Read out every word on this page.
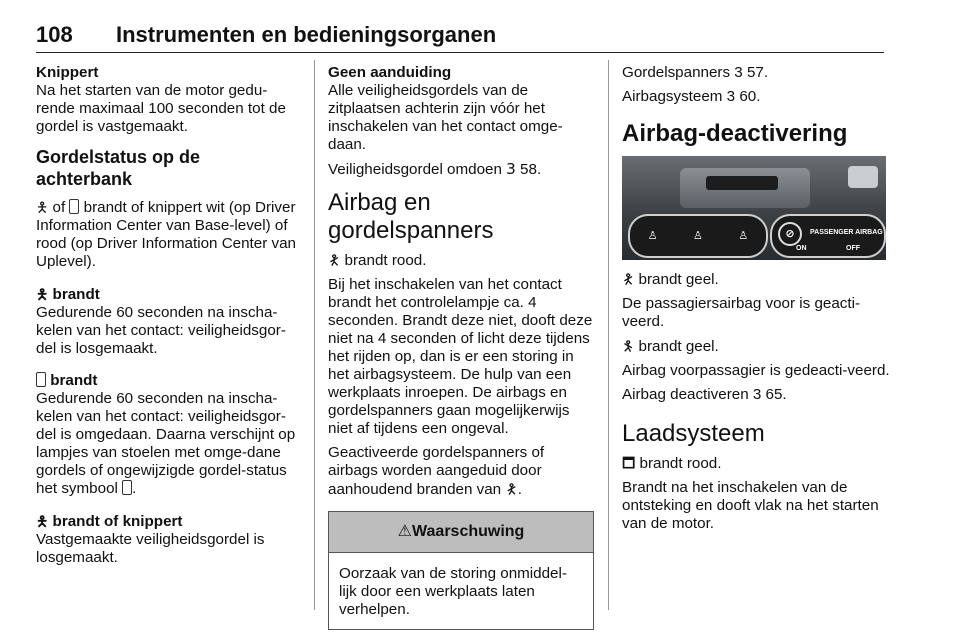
108 Instrumenten en bedieningsorganen

Knippert

Na het starten van de motor gedu-rende maximaal 100 seconden tot de gordel is vastgemaakt.

Gordelstatus op de achterbank

🯅 of  brandt of knippert wit (op Driver Information Center van Base-level) of rood (op Driver Information Center van Uplevel).

🯅 brandt

Gedurende 60 seconden na inscha-kelen van het contact: veiligheidsgor-del is losgemaakt.

brandt

Gedurende 60 seconden na inscha-kelen van het contact: veiligheidsgor-del is omgedaan. Daarna verschijnt op lampjes van stoelen met omge-dane gordels of ongewijzigde gordel-status het symbool .

🯅 brandt of knippert

Vastgemaakte veiligheidsgordel is losgemaakt.

Geen aanduiding

Alle veiligheidsgordels van de zitplaatsen achterin zijn vóór het inschakelen van het contact omge-daan.

Veiligheidsgordel omdoen 3 58.

Airbag en gordelspanners

🯇 brandt rood.

Bij het inschakelen van het contact brandt het controlelampje ca. 4 seconden. Brandt deze niet, dooft deze niet na 4 seconden of licht deze tijdens het rijden op, dan is er een storing in het airbagsysteem. De hulp van een werkplaats inroepen. De airbags en gordelspanners gaan mogelijkerwijs niet af tijdens een ongeval.

Geactiveerde gordelspanners of airbags worden aangeduid door aanhoudend branden van 🯇.

⚠Waarschuwing
Oorzaak van de storing onmiddel-lijk door een werkplaats laten verhelpen.

Gordelspanners 3 57.

Airbagsysteem 3 60.

Airbag-deactivering

♙	♙	♙	⊘	PASSENGER AIRBAG
ON	OFF

🯇 brandt geel.

De passagiersairbag voor is geacti-veerd.

🯈 brandt geel.

Airbag voorpassagier is gedeacti-veerd.

Airbag deactiveren 3 65.

Laadsysteem

🗖 brandt rood.

Brandt na het inschakelen van de ontsteking en dooft vlak na het starten van de motor.
